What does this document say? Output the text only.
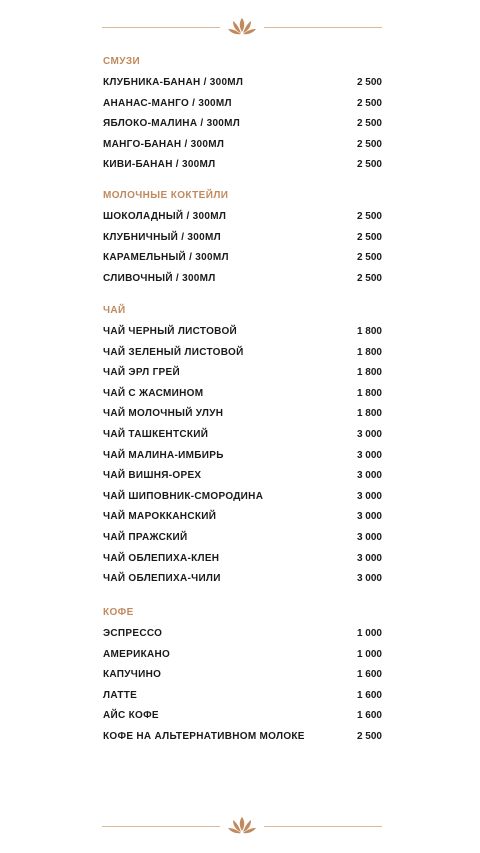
СМУЗИ
КЛУБНИКА-БАНАН / 300МЛ	2 500
АНАНАС-МАНГО / 300МЛ	2 500
ЯБЛОКО-МАЛИНА / 300МЛ	2 500
МАНГО-БАНАН / 300МЛ	2 500
КИВИ-БАНАН / 300МЛ	2 500
МОЛОЧНЫЕ КОКТЕЙЛИ
ШОКОЛАДНЫЙ / 300МЛ	2 500
КЛУБНИЧНЫЙ / 300МЛ	2 500
КАРАМЕЛЬНЫЙ / 300МЛ	2 500
СЛИВОЧНЫЙ / 300МЛ	2 500
ЧАЙ
ЧАЙ ЧЕРНЫЙ ЛИСТОВОЙ	1 800
ЧАЙ ЗЕЛЕНЫЙ ЛИСТОВОЙ	1 800
ЧАЙ ЭРЛ ГРЕЙ	1 800
ЧАЙ С ЖАСМИНОМ	1 800
ЧАЙ МОЛОЧНЫЙ УЛУН	1 800
ЧАЙ ТАШКЕНТСКИЙ	3 000
ЧАЙ МАЛИНА-ИМБИРЬ	3 000
ЧАЙ ВИШНЯ-ОРЕХ	3 000
ЧАЙ ШИПОВНИК-СМОРОДИНА	3 000
ЧАЙ МАРОККАНСКИЙ	3 000
ЧАЙ ПРАЖСКИЙ	3 000
ЧАЙ ОБЛЕПИХА-КЛЕН	3 000
ЧАЙ ОБЛЕПИХА-ЧИЛИ	3 000
КОФЕ
ЭСПРЕССО	1 000
АМЕРИКАНО	1 000
КАПУЧИНО	1 600
ЛАТТЕ	1 600
АЙС КОФЕ	1 600
КОФЕ НА АЛЬТЕРНАТИВНОМ МОЛОКЕ	2 500
